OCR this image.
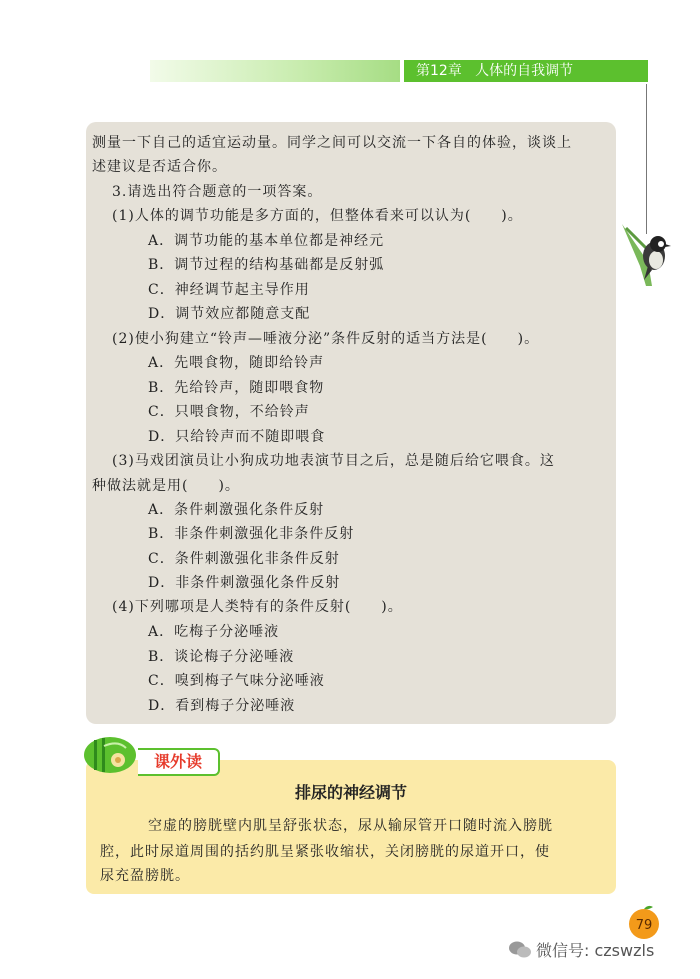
第12章   人体的自我调节
测量一下自己的适宜运动量。同学之间可以交流一下各自的体验，谈谈上
述建议是否适合你。
3.请选出符合题意的一项答案。
(1)人体的调节功能是多方面的，但整体看来可以认为(　　)。
A．调节功能的基本单位都是神经元
B．调节过程的结构基础都是反射弧
C．神经调节起主导作用
D．调节效应都随意支配
(2)使小狗建立“铃声—唾液分泌”条件反射的适当方法是(　　)。
A．先喂食物，随即给铃声
B．先给铃声，随即喂食物
C．只喂食物，不给铃声
D．只给铃声而不随即喂食
(3)马戏团演员让小狗成功地表演节目之后，总是随后给它喂食。这
种做法就是用(　　)。
A．条件刺激强化条件反射
B．非条件刺激强化非条件反射
C．条件刺激强化非条件反射
D．非条件刺激强化条件反射
(4)下列哪项是人类特有的条件反射(　　)。
A．吃梅子分泌唾液
B．谈论梅子分泌唾液
C．嗅到梅子气味分泌唾液
D．看到梅子分泌唾液
排尿的神经调节
空虚的膀胱壁内肌呈舒张状态，尿从输尿管开口随时流入膀胱
腔，此时尿道周围的括约肌呈紧张收缩状，关闭膀胱的尿道开口，使
尿充盈膀胱。
课外读
79
微信号: czswzls
